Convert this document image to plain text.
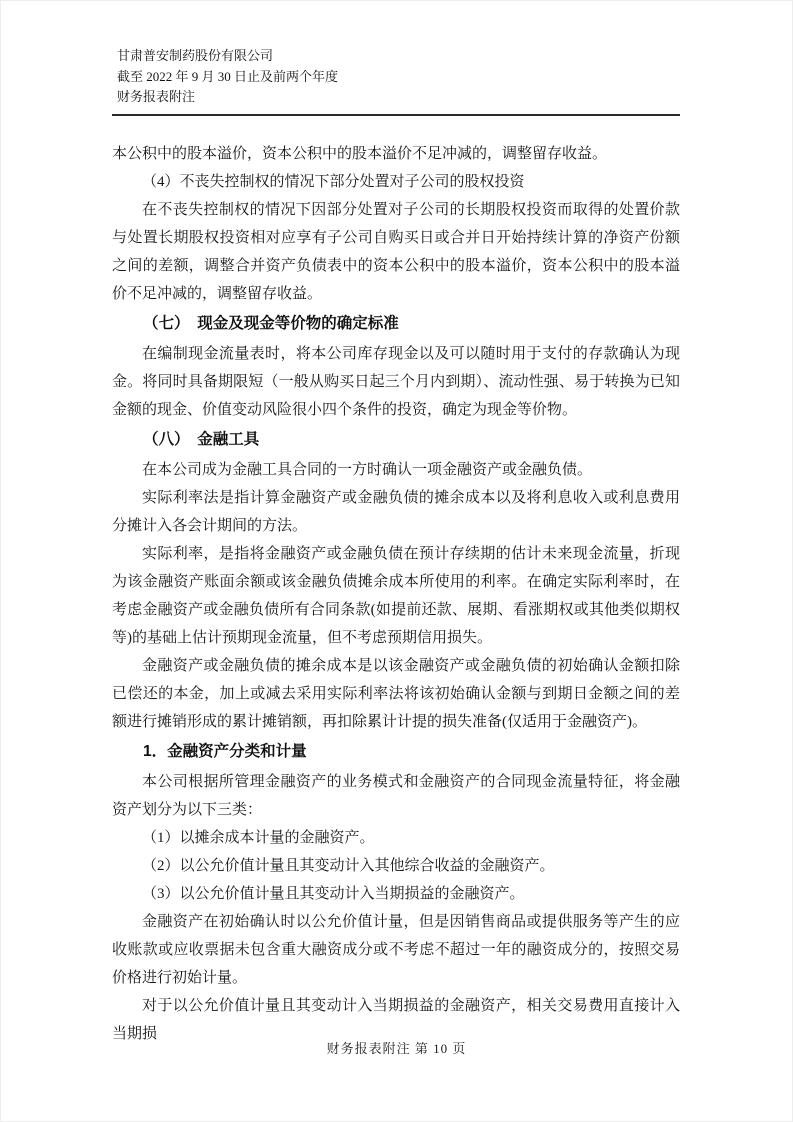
甘肃普安制药股份有限公司
截至 2022 年 9 月 30 日止及前两个年度
财务报表附注

本公积中的股本溢价，资本公积中的股本溢价不足冲减的，调整留存收益。

（4）不丧失控制权的情况下部分处置对子公司的股权投资

在不丧失控制权的情况下因部分处置对子公司的长期股权投资而取得的处置价款与处置长期股权投资相对应享有子公司自购买日或合并日开始持续计算的净资产份额之间的差额，调整合并资产负债表中的资本公积中的股本溢价，资本公积中的股本溢价不足冲减的，调整留存收益。

（七）　现金及现金等价物的确定标准

在编制现金流量表时，将本公司库存现金以及可以随时用于支付的存款确认为现金。将同时具备期限短（一般从购买日起三个月内到期）、流动性强、易于转换为已知金额的现金、价值变动风险很小四个条件的投资，确定为现金等价物。

（八）　金融工具

在本公司成为金融工具合同的一方时确认一项金融资产或金融负债。

实际利率法是指计算金融资产或金融负债的摊余成本以及将利息收入或利息费用分摊计入各会计期间的方法。

实际利率，是指将金融资产或金融负债在预计存续期的估计未来现金流量，折现为该金融资产账面余额或该金融负债摊余成本所使用的利率。在确定实际利率时，在考虑金融资产或金融负债所有合同条款(如提前还款、展期、看涨期权或其他类似期权等)的基础上估计预期现金流量，但不考虑预期信用损失。

金融资产或金融负债的摊余成本是以该金融资产或金融负债的初始确认金额扣除已偿还的本金，加上或减去采用实际利率法将该初始确认金额与到期日金额之间的差额进行摊销形成的累计摊销额，再扣除累计计提的损失准备(仅适用于金融资产)。

1．金融资产分类和计量

本公司根据所管理金融资产的业务模式和金融资产的合同现金流量特征，将金融资产划分为以下三类：

（1）以摊余成本计量的金融资产。

（2）以公允价值计量且其变动计入其他综合收益的金融资产。

（3）以公允价值计量且其变动计入当期损益的金融资产。

金融资产在初始确认时以公允价值计量，但是因销售商品或提供服务等产生的应收账款或应收票据未包含重大融资成分或不考虑不超过一年的融资成分的，按照交易价格进行初始计量。

对于以公允价值计量且其变动计入当期损益的金融资产，相关交易费用直接计入当期损

财务报表附注 第 10 页
